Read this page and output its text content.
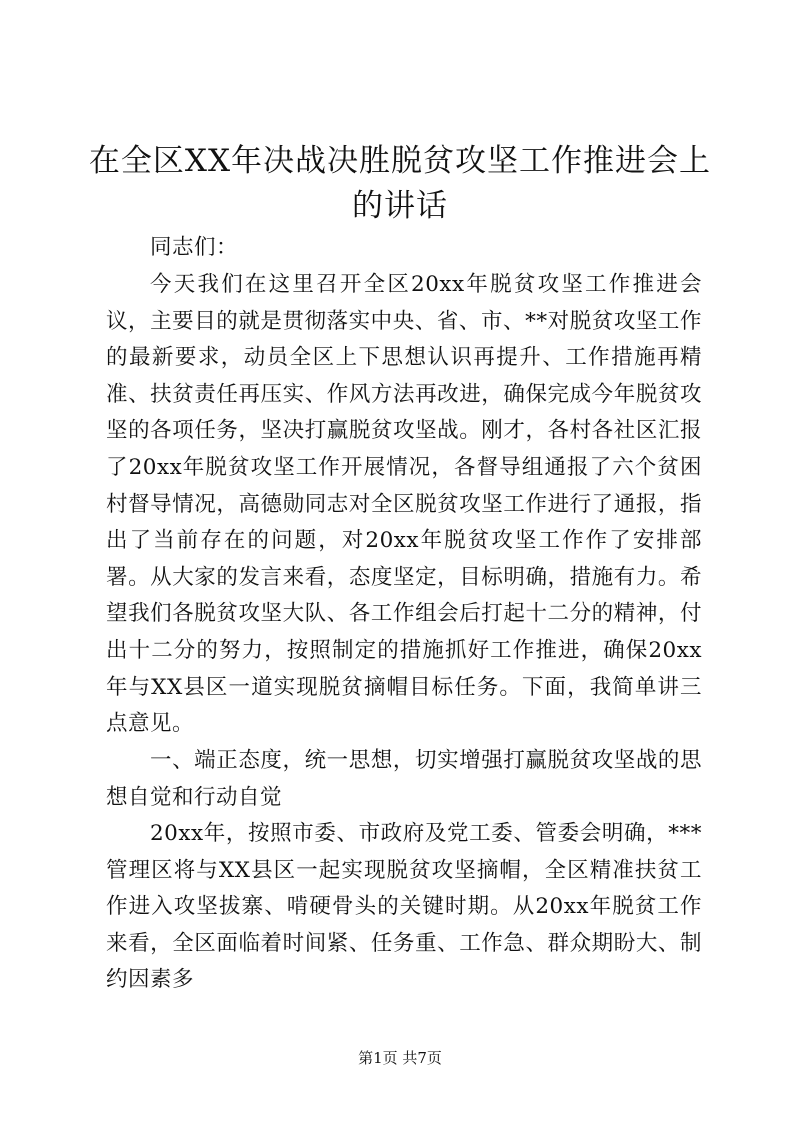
在全区XX年决战决胜脱贫攻坚工作推进会上
的讲话

同志们：

今天我们在这里召开全区20xx年脱贫攻坚工作推进会议，主要目的就是贯彻落实中央、省、市、**对脱贫攻坚工作的最新要求，动员全区上下思想认识再提升、工作措施再精准、扶贫责任再压实、作风方法再改进，确保完成今年脱贫攻坚的各项任务，坚决打赢脱贫攻坚战。刚才，各村各社区汇报了20xx年脱贫攻坚工作开展情况，各督导组通报了六个贫困村督导情况，高德勋同志对全区脱贫攻坚工作进行了通报，指出了当前存在的问题，对20xx年脱贫攻坚工作作了安排部署。从大家的发言来看，态度坚定，目标明确，措施有力。希望我们各脱贫攻坚大队、各工作组会后打起十二分的精神，付出十二分的努力，按照制定的措施抓好工作推进，确保20xx年与XX县区一道实现脱贫摘帽目标任务。下面，我简单讲三点意见。

一、端正态度，统一思想，切实增强打赢脱贫攻坚战的思想自觉和行动自觉

20xx年，按照市委、市政府及党工委、管委会明确，***管理区将与XX县区一起实现脱贫攻坚摘帽，全区精准扶贫工作进入攻坚拔寨、啃硬骨头的关键时期。从20xx年脱贫工作来看，全区面临着时间紧、任务重、工作急、群众期盼大、制约因素多

第1页 共7页
